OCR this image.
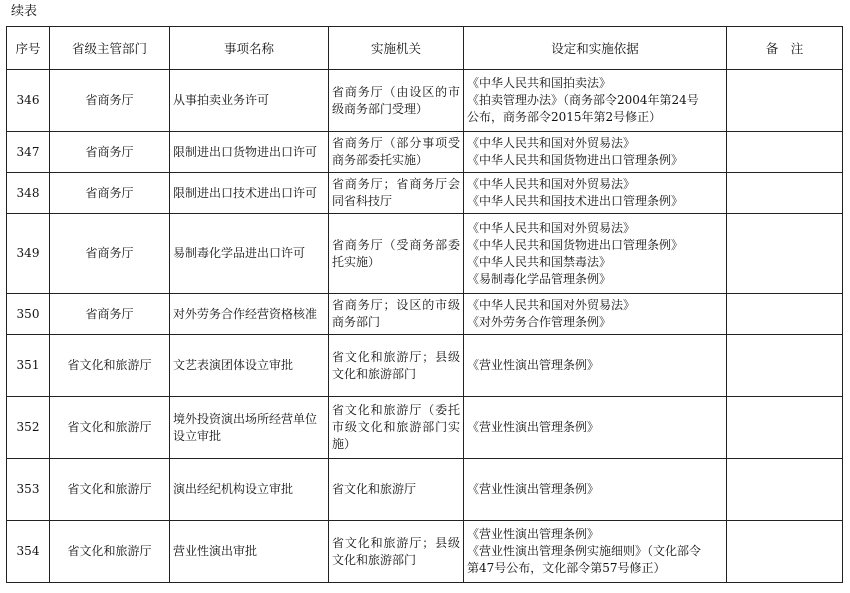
续表
序号	省级主管部门	事项名称	实施机关	设定和实施依据	备　注
346	省商务厅	从事拍卖业务许可	省商务厅（由设区的市级商务部门受理）	《中华人民共和国拍卖法》
《拍卖管理办法》（商务部令2004年第24号
公布，商务部令2015年第2号修正）	

347	省商务厅	限制进出口货物进出口许可	省商务厅（部分事项受商务部委托实施）	《中华人民共和国对外贸易法》
《中华人民共和国货物进出口管理条例》	

348	省商务厅	限制进出口技术进出口许可	省商务厅；省商务厅会同省科技厅	《中华人民共和国对外贸易法》
《中华人民共和国技术进出口管理条例》	

349	省商务厅	易制毒化学品进出口许可	省商务厅（受商务部委托实施）	《中华人民共和国对外贸易法》
《中华人民共和国货物进出口管理条例》
《中华人民共和国禁毒法》
《易制毒化学品管理条例》	

350	省商务厅	对外劳务合作经营资格核准	省商务厅；设区的市级商务部门	《中华人民共和国对外贸易法》
《对外劳务合作管理条例》	

351	省文化和旅游厅	文艺表演团体设立审批	省文化和旅游厅；县级文化和旅游部门	《营业性演出管理条例》	

352	省文化和旅游厅	境外投资演出场所经营单位设立审批	省文化和旅游厅（委托市级文化和旅游部门实施）	《营业性演出管理条例》	

353	省文化和旅游厅	演出经纪机构设立审批	省文化和旅游厅	《营业性演出管理条例》	

354	省文化和旅游厅	营业性演出审批	省文化和旅游厅；县级文化和旅游部门	《营业性演出管理条例》
《营业性演出管理条例实施细则》（文化部令
第47号公布，文化部令第57号修正）	
